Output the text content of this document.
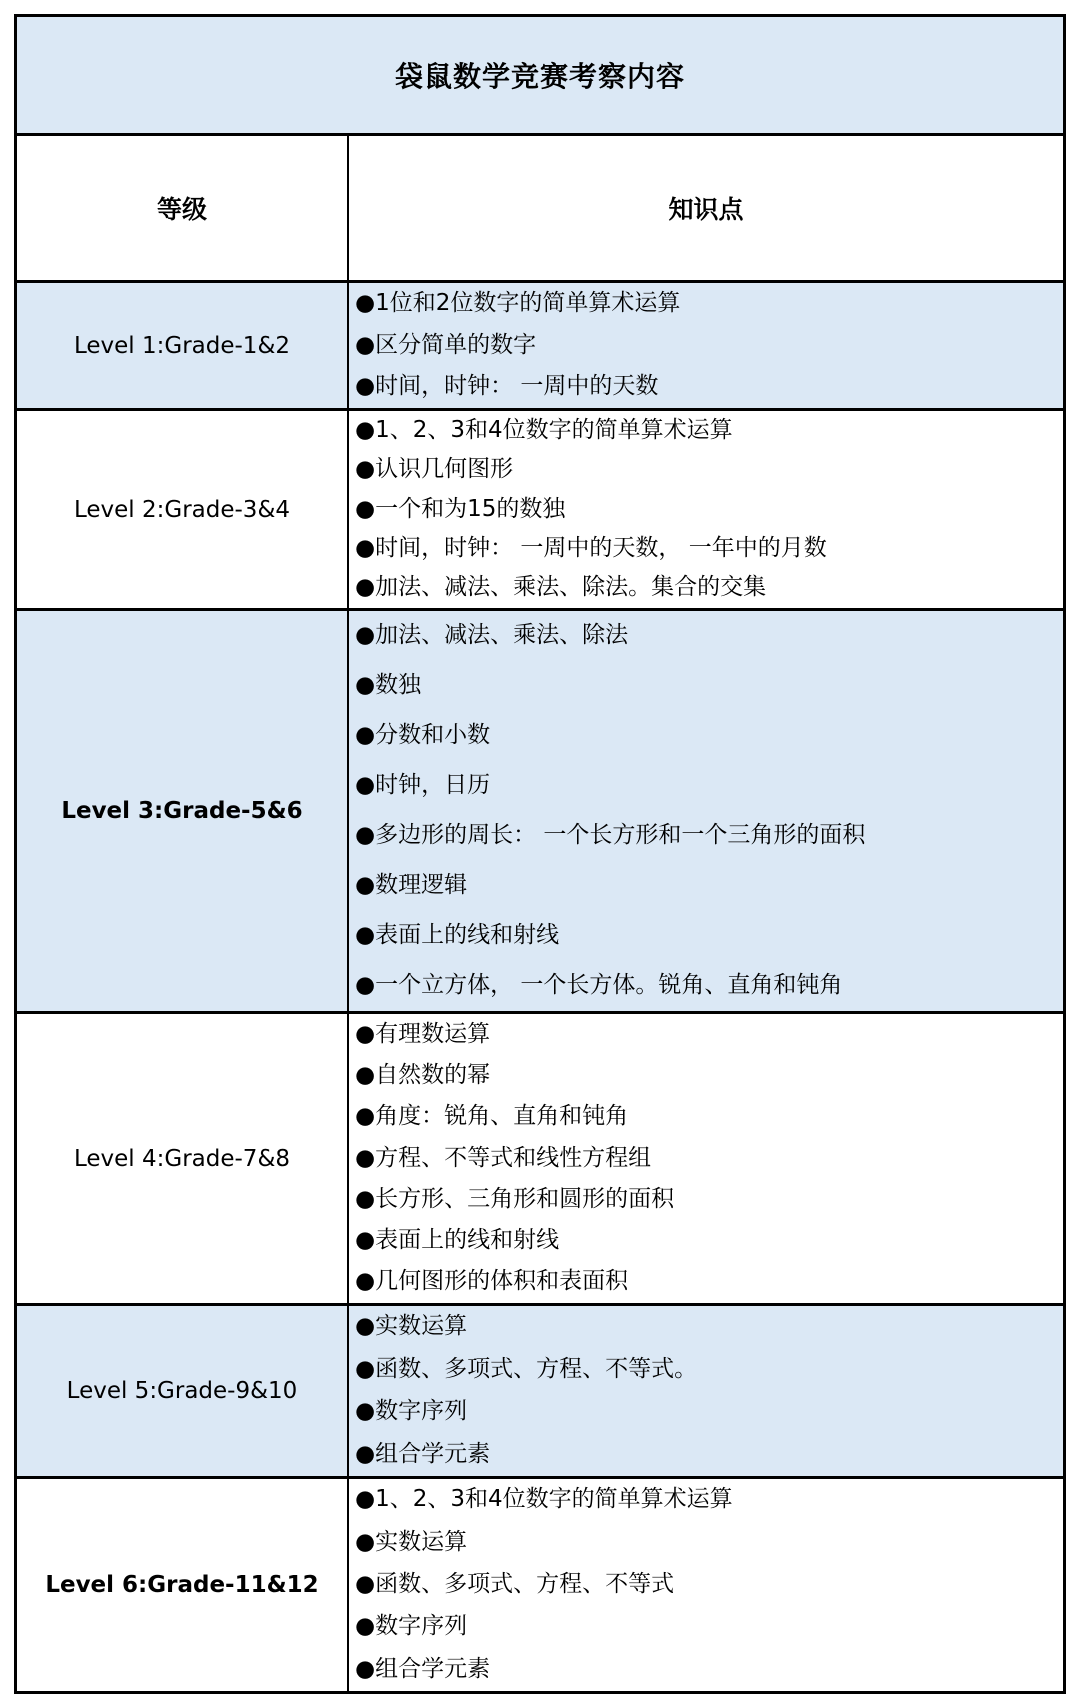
袋鼠数学竞赛考察内容
等级	知识点
Level 1:Grade-1&2
●1位和2位数字的简单算术运算
●区分简单的数字
●时间，时钟： 一周中的天数
Level 2:Grade-3&4
●1、2、3和4位数字的简单算术运算
●认识几何图形
●一个和为15的数独
●时间，时钟： 一周中的天数， 一年中的月数
●加法、减法、乘法、除法。集合的交集
Level 3:Grade-5&6
●加法、减法、乘法、除法
●数独
●分数和小数
●时钟，日历
●多边形的周长： 一个长方形和一个三角形的面积
●数理逻辑
●表面上的线和射线
●一个立方体， 一个长方体。锐角、直角和钝角
Level 4:Grade-7&8
●有理数运算
●自然数的幂
●角度：锐角、直角和钝角
●方程、不等式和线性方程组
●长方形、三角形和圆形的面积
●表面上的线和射线
●几何图形的体积和表面积
Level 5:Grade-9&10
●实数运算
●函数、多项式、方程、不等式。
●数字序列
●组合学元素
Level 6:Grade-11&12
●1、2、3和4位数字的简单算术运算
●实数运算
●函数、多项式、方程、不等式
●数字序列
●组合学元素
